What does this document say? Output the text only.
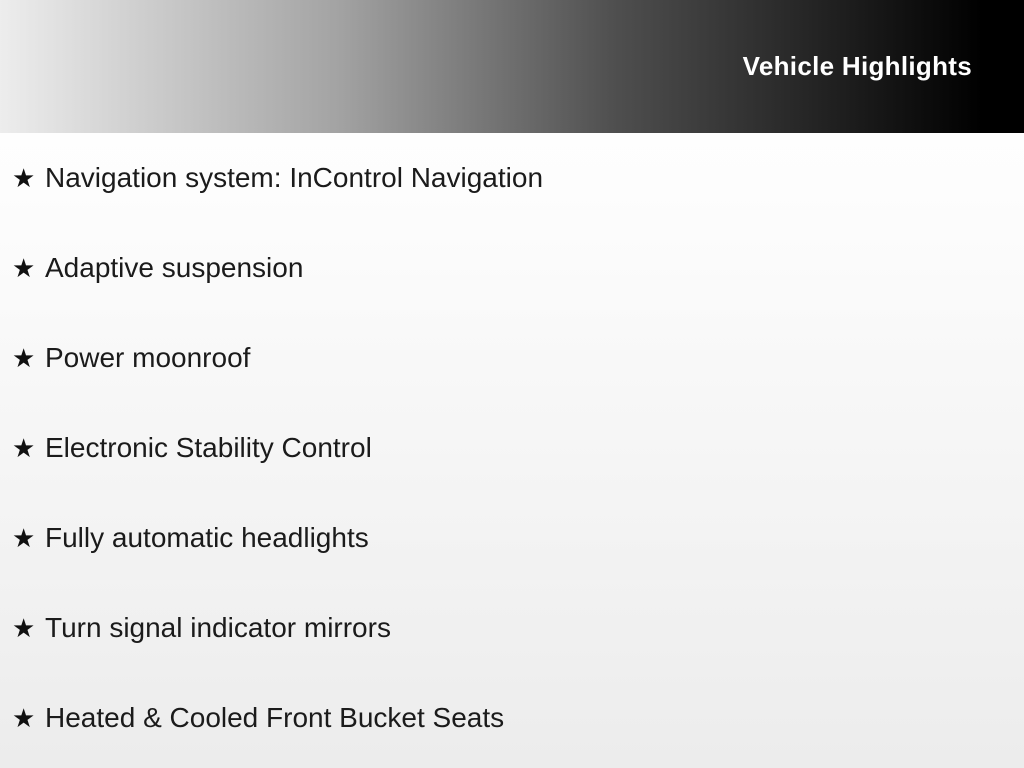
Vehicle Highlights
★ Navigation system: InControl Navigation
★ Adaptive suspension
★ Power moonroof
★ Electronic Stability Control
★ Fully automatic headlights
★ Turn signal indicator mirrors
★ Heated & Cooled Front Bucket Seats
